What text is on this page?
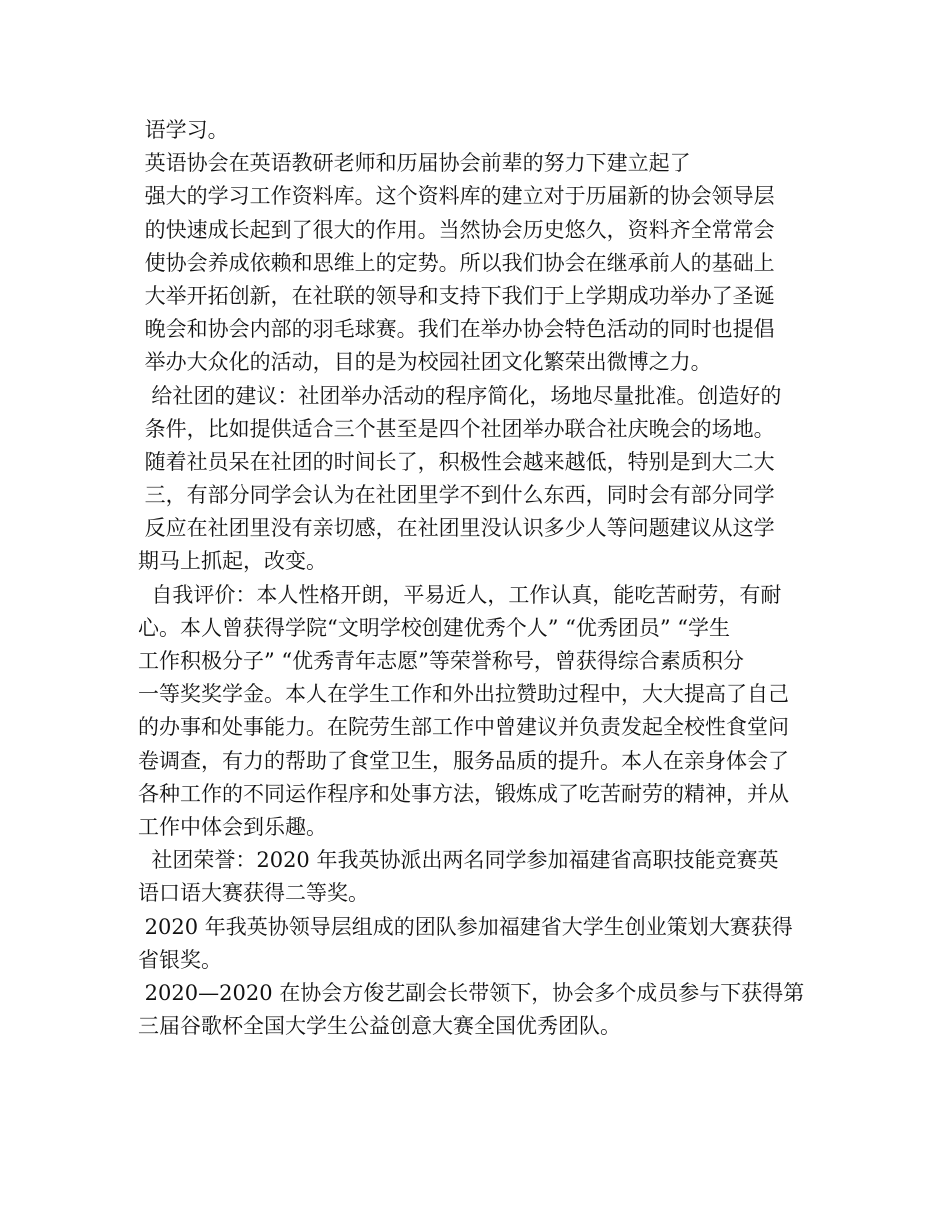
语学习。
英语协会在英语教研老师和历届协会前辈的努力下建立起了
强大的学习工作资料库。这个资料库的建立对于历届新的协会领导层
的快速成长起到了很大的作用。当然协会历史悠久，资料齐全常常会
使协会养成依赖和思维上的定势。所以我们协会在继承前人的基础上
大举开拓创新，在社联的领导和支持下我们于上学期成功举办了圣诞
晚会和协会内部的羽毛球赛。我们在举办协会特色活动的同时也提倡
举办大众化的活动，目的是为校园社团文化繁荣出微博之力。
给社团的建议：社团举办活动的程序简化，场地尽量批准。创造好的
条件，比如提供适合三个甚至是四个社团举办联合社庆晚会的场地。
随着社员呆在社团的时间长了，积极性会越来越低，特别是到大二大
三，有部分同学会认为在社团里学不到什么东西，同时会有部分同学
反应在社团里没有亲切感，在社团里没认识多少人等问题建议从这学
期马上抓起，改变。
自我评价：本人性格开朗，平易近人，工作认真，能吃苦耐劳，有耐
心。本人曾获得学院“文明学校创建优秀个人” “优秀团员” “学生
工作积极分子” “优秀青年志愿”等荣誉称号，曾获得综合素质积分
一等奖奖学金。本人在学生工作和外出拉赞助过程中，大大提高了自己
的办事和处事能力。在院劳生部工作中曾建议并负责发起全校性食堂问
卷调查，有力的帮助了食堂卫生，服务品质的提升。本人在亲身体会了
各种工作的不同运作程序和处事方法，锻炼成了吃苦耐劳的精神，并从
工作中体会到乐趣。
社团荣誉：2020 年我英协派出两名同学参加福建省高职技能竞赛英
语口语大赛获得二等奖。
2020 年我英协领导层组成的团队参加福建省大学生创业策划大赛获得
省银奖。
2020—2020 在协会方俊艺副会长带领下，协会多个成员参与下获得第
三届谷歌杯全国大学生公益创意大赛全国优秀团队。
